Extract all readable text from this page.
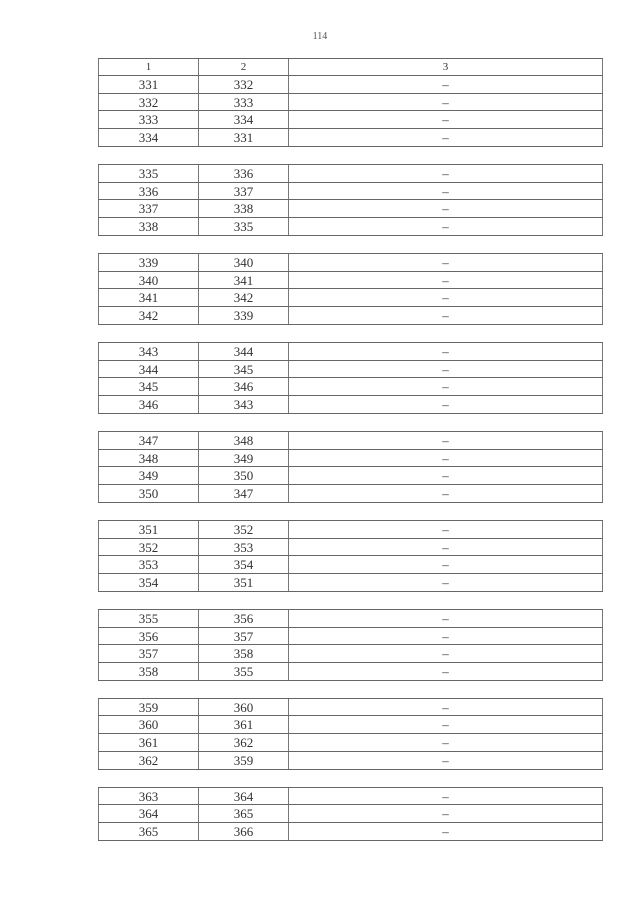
114
1	2	3
331	332	–
332	333	–
333	334	–
334	331	–
335	336	–
336	337	–
337	338	–
338	335	–
339	340	–
340	341	–
341	342	–
342	339	–
343	344	–
344	345	–
345	346	–
346	343	–
347	348	–
348	349	–
349	350	–
350	347	–
351	352	–
352	353	–
353	354	–
354	351	–
355	356	–
356	357	–
357	358	–
358	355	–
359	360	–
360	361	–
361	362	–
362	359	–
363	364	–
364	365	–
365	366	–
